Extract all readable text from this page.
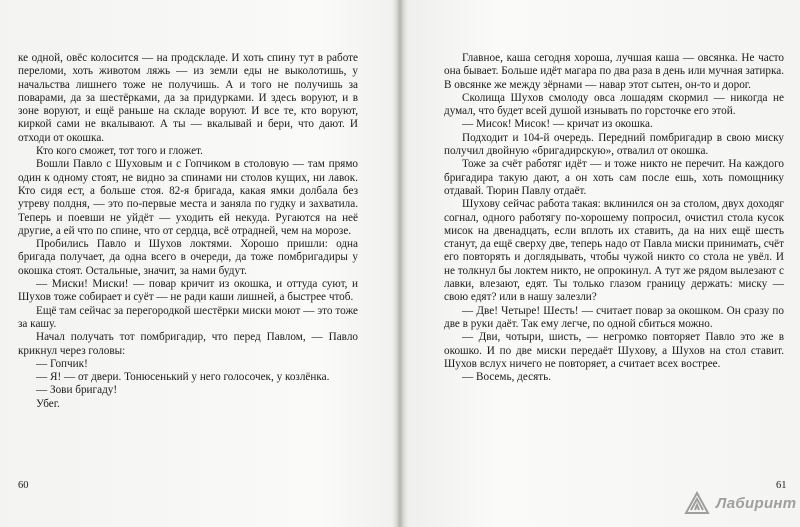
ке одной, овёс колосится — на продскладе. И хоть спину тут в работе переломи, хоть животом ляжь — из земли еды не выколотишь, у начальства лишнего тоже не получишь. А и того не получишь за поварами, да за шестёрками, да за придурками. И здесь воруют, и в зоне воруют, и ещё раньше на складе воруют. И все те, кто воруют, киркой сами не вкалывают. А ты — вкалывай и бери, что дают. И отходи от окошка.

Кто кого сможет, тот того и гложет.

Вошли Павло с Шуховым и с Гопчиком в столовую — там прямо один к одному стоят, не видно за спинами ни столов кущих, ни лавок. Кто сидя ест, а больше стоя. 82-я бригада, какая ямки долбала без утреву полдня, — это по-первые места и заняла по гудку и захватила. Теперь и поевши не уйдёт — уходить ей некуда. Ругаются на неё другие, а ей что по спине, что от сердца, всё отрадней, чем на морозе.

Пробились Павло и Шухов локтями. Хорошо пришли: одна бригада получает, да одна всего в очереди, да тоже помбригадиры у окошка стоят. Остальные, значит, за нами будут.

— Миски! Миски! — повар кричит из окошка, и оттуда суют, и Шухов тоже собирает и суёт — не ради каши лишней, а быстрее чтоб.

Ещё там сейчас за перегородкой шестёрки миски моют — это тоже за кашу.

Начал получать тот помбригадир, что перед Павлом, — Павло крикнул через головы:

— Гопчик!

— Я! — от двери. Тонюсенький у него голосочек, у козлёнка.

— Зови бригаду!

Убег.

60

Главное, каша сегодня хороша, лучшая каша — овсянка. Не часто она бывает. Больше идёт магара по два раза в день или мучная затирка. В овсянке же между зёрнами — навар этот сытен, он-то и дорог.

Сколища Шухов смолоду овса лошадям скормил — никогда не думал, что будет всей душой изнывать по горсточке его этой.

— Мисок! Мисок! — кричат из окошка.

Подходит и 104-й очередь. Передний помбригадир в свою миску получил двойную «бригадирскую», отвалил от окошка.

Тоже за счёт работяг идёт — и тоже никто не перечит. На каждого бригадира такую дают, а он хоть сам после ешь, хоть помощнику отдавай. Тюрин Павлу отдаёт.

Шухову сейчас работа такая: вклинился он за столом, двух доходяг согнал, одного работягу по-хорошему попросил, очистил стола кусок мисок на двенадцать, если вплоть их ставить, да на них ещё шесть станут, да ещё сверху две, теперь надо от Павла миски принимать, счёт его повторять и доглядывать, чтобы чужой никто со стола не увёл. И не толкнул бы локтем никто, не опрокинул. А тут же рядом вылезают с лавки, влезают, едят. Ты только глазом границу держать: миску — свою едят? или в нашу залезли?

— Две! Четыре! Шесть! — считает повар за окошком. Он сразу по две в руки даёт. Так ему легче, по одной сбиться можно.

— Дви, чотыри, шисть, — негромко повторяет Павло это же в окошко. И по две миски передаёт Шухову, а Шухов на стол ставит. Шухов вслух ничего не повторяет, а считает всех востреe.

— Восемь, десять.

61
Лабиринт
